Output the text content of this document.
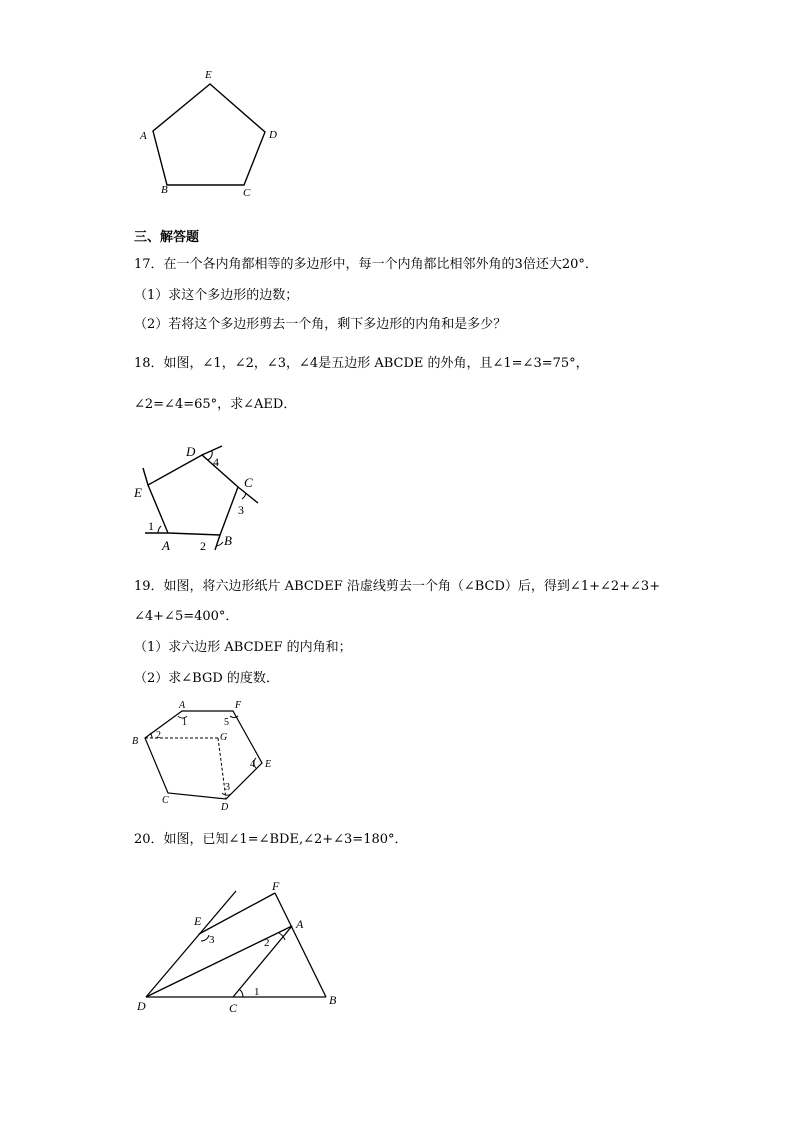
E
D
C
B
A
三、解答题
17．在一个各内角都相等的多边形中，每一个内角都比相邻外角的3倍还大20°．
（1）求这个多边形的边数；
（2）若将这个多边形剪去一个角，剩下多边形的内角和是多少？
18．如图，∠1，∠2，∠3，∠4是五边形 ABCDE 的外角，且∠1=∠3=75°，
∠2=∠4=65°，求∠AED．
D
4
C
3
E
1
A	2 B
19．如图，将六边形纸片 ABCDEF 沿虚线剪去一个角（∠BCD）后，得到∠1+∠2+∠3+
∠4+∠5=400°．
（1）求六边形 ABCDEF 的内角和；
（2）求∠BGD 的度数．
A	F
1	5
B
2	G
4 E
3
C
D
20．如图，已知∠1=∠BDE,∠2+∠3=180°．
F
E
3
A
2
1
D	C
B
